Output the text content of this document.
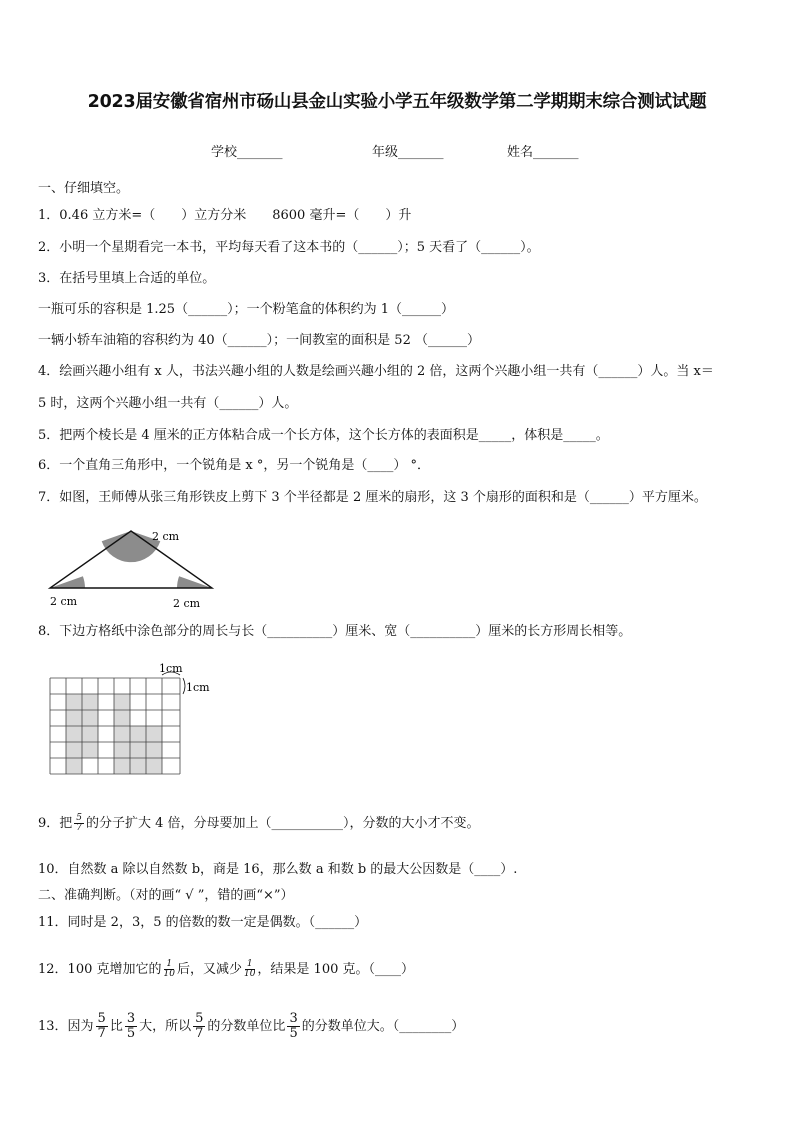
2023届安徽省宿州市砀山县金山实验小学五年级数学第二学期期末综合测试试题
学校_______	年级_______	姓名_______
一、仔细填空。
1．0.46 立方米=（　　）立方分米　　8600 毫升=（　　）升
2．小明一个星期看完一本书，平均每天看了这本书的（______）；5 天看了（______）。
3．在括号里填上合适的单位。
一瓶可乐的容积是 1.25（______）；一个粉笔盒的体积约为 1（______）
一辆小轿车油箱的容积约为 40（______）；一间教室的面积是 52 （______）
4．绘画兴趣小组有 x 人，书法兴趣小组的人数是绘画兴趣小组的 2 倍，这两个兴趣小组一共有（______）人。当 x＝
5 时，这两个兴趣小组一共有（______）人。
5．把两个棱长是 4 厘米的正方体粘合成一个长方体，这个长方体的表面积是_____，体积是_____。
6．一个直角三角形中，一个锐角是 x °，另一个锐角是（____） °．
7．如图，王师傅从张三角形铁皮上剪下 3 个半径都是 2 厘米的扇形，这 3 个扇形的面积和是（______）平方厘米。
2 cm
2 cm	2 cm
8．下边方格纸中涂色部分的周长与长（__________）厘米、宽（__________）厘米的长方形周长相等。
1cm
1cm
9．把 $\frac{5}{7}$ 的分子扩大 4 倍，分母要加上（___________），分数的大小才不变。
10．自然数 a 除以自然数 b，商是 16，那么数 a 和数 b 的最大公因数是（____）.
二、准确判断。（对的画“ √ ”，错的画“×”）
11．同时是 2，3，5 的倍数的数一定是偶数。（______）
12．100 克增加它的 $\frac{1}{10}$ 后，又减少 $\frac{1}{10}$ ，结果是 100 克。（____）
13．因为 $\frac{5}{7}$ 比 $\frac{3}{5}$ 大，所以 $\frac{5}{7}$ 的分数单位比 $\frac{3}{5}$ 的分数单位大。（________）
